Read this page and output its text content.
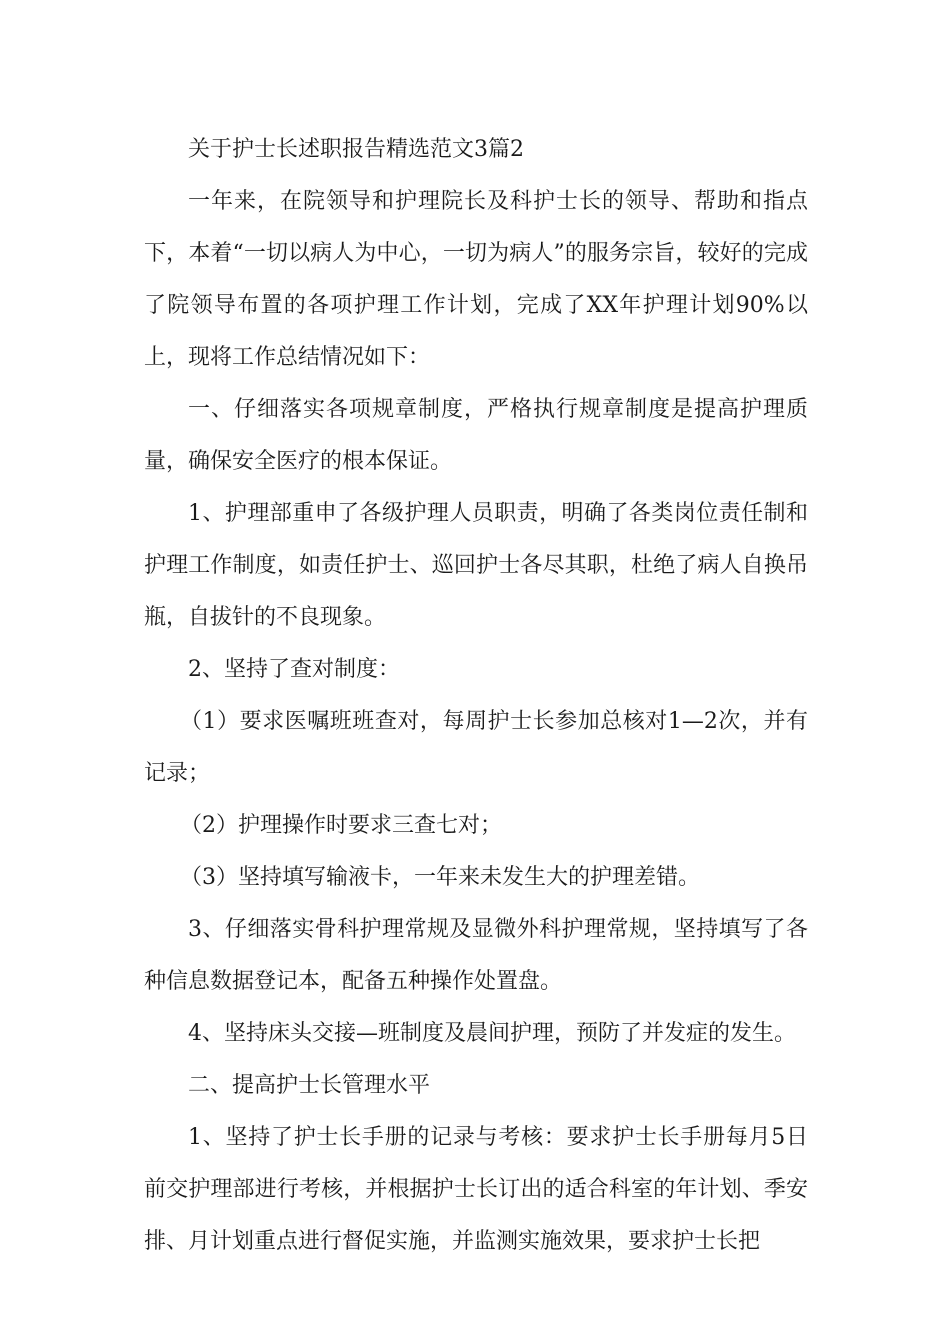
关于护士长述职报告精选范文3篇2

一年来，在院领导和护理院长及科护士长的领导、帮助和指点下，本着“一切以病人为中心，一切为病人”的服务宗旨，较好的完成了院领导布置的各项护理工作计划，完成了XX年护理计划90%以上，现将工作总结情况如下：

一、仔细落实各项规章制度，严格执行规章制度是提高护理质量，确保安全医疗的根本保证。

1、护理部重申了各级护理人员职责，明确了各类岗位责任制和护理工作制度，如责任护士、巡回护士各尽其职，杜绝了病人自换吊瓶，自拔针的不良现象。

2、坚持了查对制度：

（1）要求医嘱班班查对，每周护士长参加总核对1—2次，并有记录；

（2）护理操作时要求三查七对；

（3）坚持填写输液卡，一年来未发生大的护理差错。

3、仔细落实骨科护理常规及显微外科护理常规，坚持填写了各种信息数据登记本，配备五种操作处置盘。

4、坚持床头交接—班制度及晨间护理，预防了并发症的发生。

二、提高护士长管理水平

1、坚持了护士长手册的记录与考核：要求护士长手册每月5日前交护理部进行考核，并根据护士长订出的适合科室的年计划、季安排、月计划重点进行督促实施，并监测实施效果，要求护士长把
